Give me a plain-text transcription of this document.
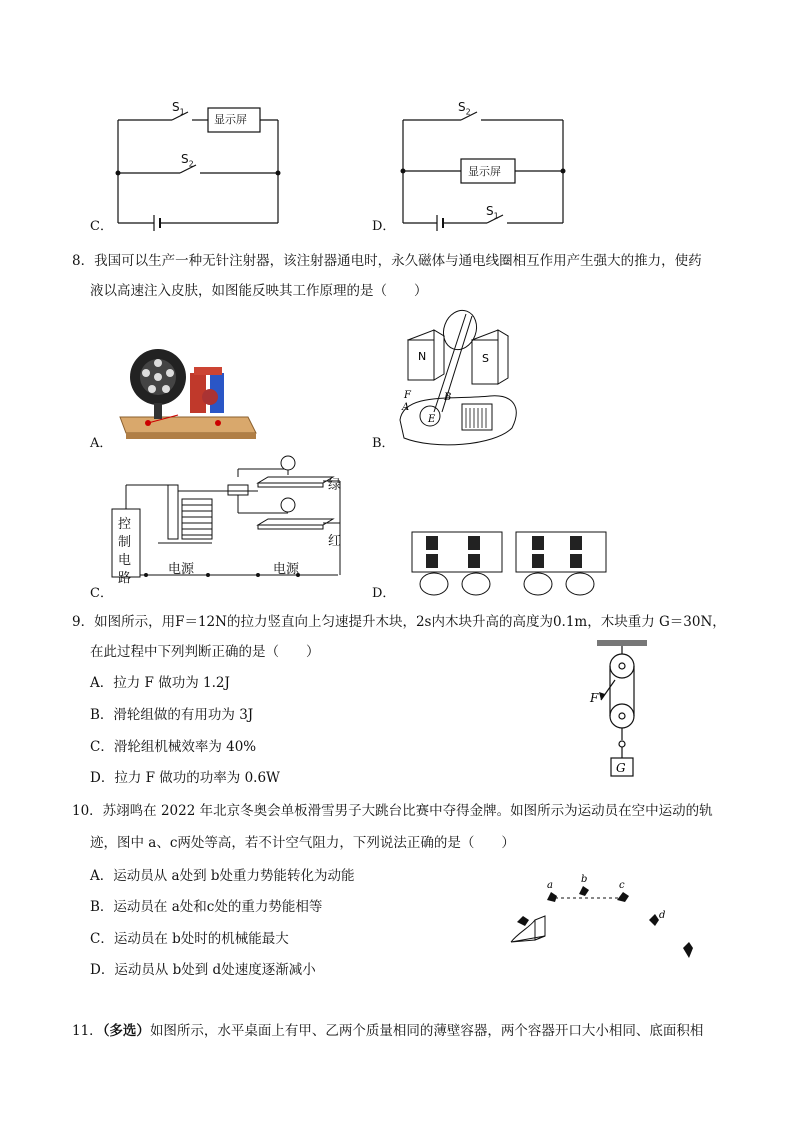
C．
$S_1$
显示屏
$S_2$
D．
$S_2$
显示屏
$S_1$
8．我国可以生产一种无针注射器，该注射器通电时，永久磁体与通电线圈相互作用产生强大的推力，使药
液以高速注入皮肤，如图能反映其工作原理的是（　　）
A．	B．
N	S
F
A
B
E
C．
控
制
电
路
电源	电源
绿
红
D．
9．如图所示，用F＝12N的拉力竖直向上匀速提升木块，2s内木块升高的高度为0.1m，木块重力 G＝30N，
在此过程中下列判断正确的是（　　）
A．拉力 F 做功为 1.2J
B．滑轮组做的有用功为 3J
C．滑轮组机械效率为 40%
D．拉力 F 做功的功率为 0.6W
F
G
10．苏翊鸣在 2022 年北京冬奥会单板滑雪男子大跳台比赛中夺得金牌。如图所示为运动员在空中运动的轨
迹，图中 a、c两处等高，若不计空气阻力，下列说法正确的是（　　）
A．运动员从 a处到 b处重力势能转化为动能
B．运动员在 a处和c处的重力势能相等
C．运动员在 b处时的机械能最大
D．运动员从 b处到 d处速度逐渐减小
a
b
c
d
11．（多选）如图所示，水平桌面上有甲、乙两个质量相同的薄壁容器，两个容器开口大小相同、底面积相
